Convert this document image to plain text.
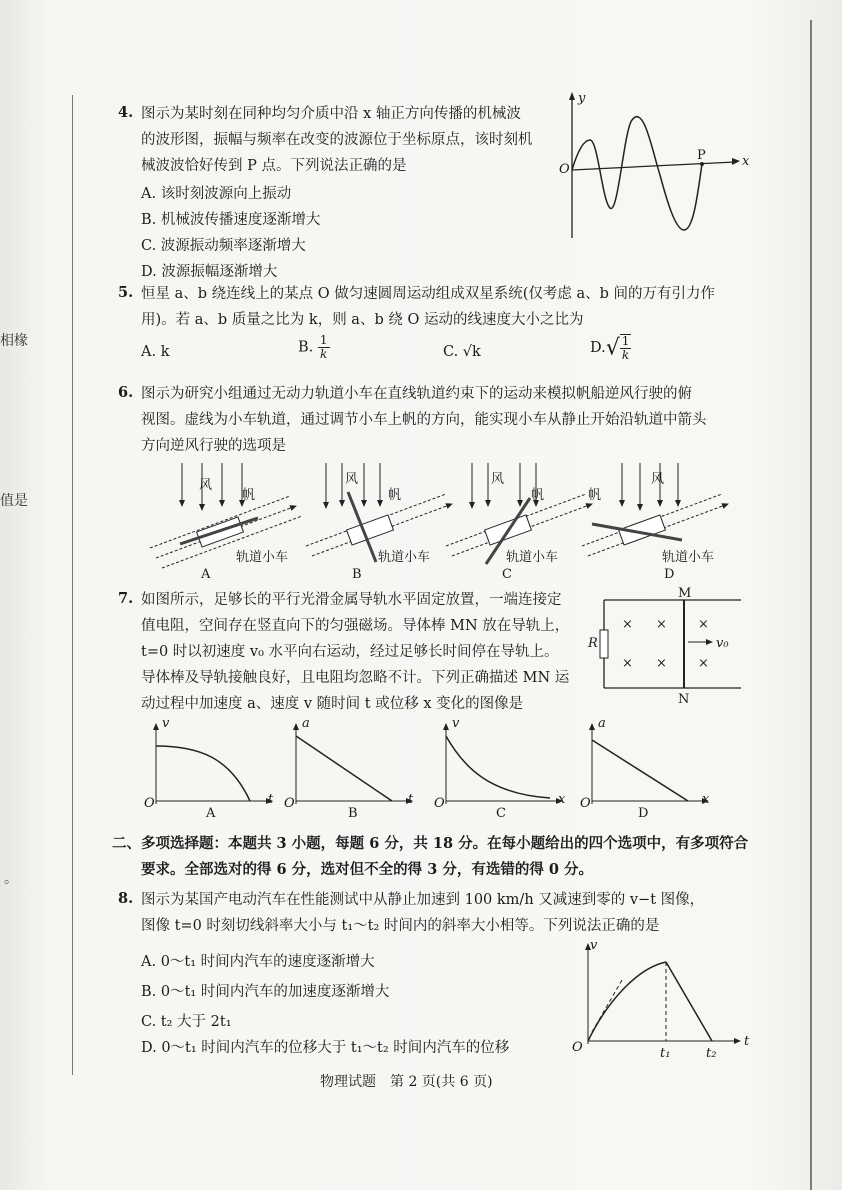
相椽
值是
。
4. 图示为某时刻在同种均匀介质中沿 x 轴正方向传播的机械波
的波形图，振幅与频率在改变的波源位于坐标原点，该时刻机
械波波恰好传到 P 点。下列说法正确的是
A. 该时刻波源向上振动
B. 机械波传播速度逐渐增大
C. 波源振动频率逐渐增大
D. 波源振幅逐渐增大
y
x
O
P
5. 恒星 a、b 绕连线上的某点 O 做匀速圆周运动组成双星系统(仅考虑 a、b 间的万有引力作
用)。若 a、b 质量之比为 k，则 a、b 绕 O 运动的线速度大小之比为
A. k	B. $\frac{1}{k}$	C. √k	$D.√ \frac{1}{k}$
6. 图示为研究小组通过无动力轨道小车在直线轨道约束下的运动来模拟帆船逆风行驶的俯
视图。虚线为小车轨道，通过调节小车上帆的方向，能实现小车从静止开始沿轨道中箭头
方向逆风行驶的选项是
风	风	风	风
帆	帆	帆	帆
轨道小车	轨道小车	轨道小车	轨道小车
A	B	C	D
7. 如图所示，足够长的平行光滑金属导轨水平固定放置，一端连接定
值电阻，空间存在竖直向下的匀强磁场。导体棒 MN 放在导轨上，
t=0 时以初速度 v₀ 水平向右运动，经过足够长时间停在导轨上。
导体棒及导轨接触良好，且电阻均忽略不计。下列正确描述 MN 运
动过程中加速度 a、速度 v 随时间 t 或位移 x 变化的图像是
M
N
R	v₀
× × ×
× × ×
v
t
O
A
a
t
O
B
v
x
O
C
a
x
O
D
二、多项选择题：本题共 3 小题，每题 6 分，共 18 分。在每小题给出的四个选项中，有多项符合
要求。全部选对的得 6 分，选对但不全的得 3 分，有选错的得 0 分。
8. 图示为某国产电动汽车在性能测试中从静止加速到 100 km/h 又减速到零的 v−t 图像，
图像 t=0 时刻切线斜率大小与 t₁～t₂ 时间内的斜率大小相等。下列说法正确的是
A. 0～t₁ 时间内汽车的速度逐渐增大
B. 0～t₁ 时间内汽车的加速度逐渐增大
C. t₂ 大于 2t₁
D. 0～t₁ 时间内汽车的位移大于 t₁～t₂ 时间内汽车的位移
v
t
O	t₁	t₂
物理试题　第 2 页(共 6 页)
